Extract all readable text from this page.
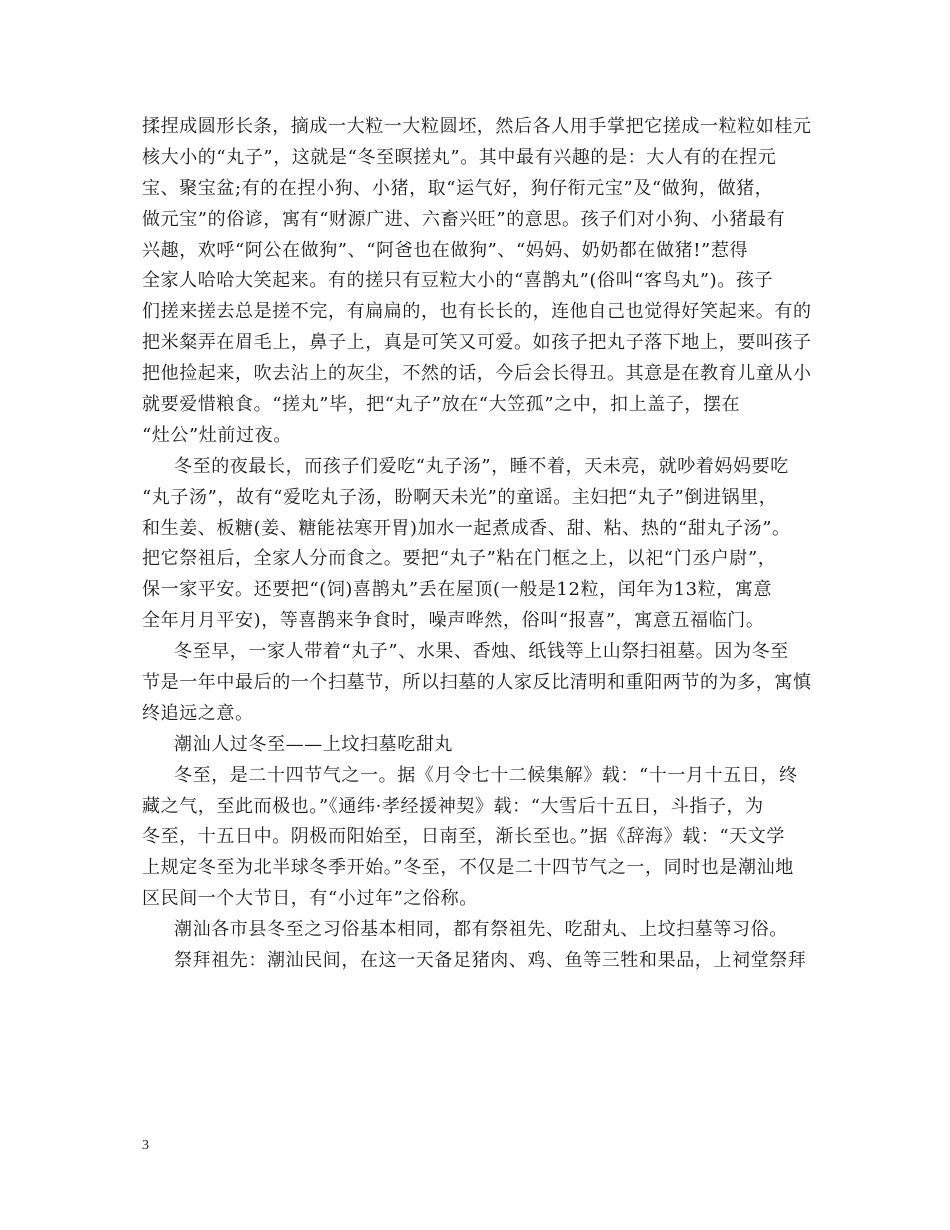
揉捏成圆形长条，摘成一大粒一大粒圆坯，然后各人用手掌把它搓成一粒粒如桂元
核大小的“丸子”，这就是“冬至暝搓丸”。其中最有兴趣的是：大人有的在捏元
宝、聚宝盆;有的在捏小狗、小猪，取“运气好，狗仔衔元宝”及“做狗，做猪，
做元宝”的俗谚，寓有“财源广进、六畜兴旺”的意思。孩子们对小狗、小猪最有
兴趣，欢呼“阿公在做狗”、“阿爸也在做狗”、“妈妈、奶奶都在做猪!”惹得
全家人哈哈大笑起来。有的搓只有豆粒大小的“喜鹊丸”(俗叫“客鸟丸”)。孩子
们搓来搓去总是搓不完，有扁扁的，也有长长的，连他自己也觉得好笑起来。有的
把米粲弄在眉毛上，鼻子上，真是可笑又可爱。如孩子把丸子落下地上，要叫孩子
把他捡起来，吹去沾上的灰尘，不然的话，今后会长得丑。其意是在教育儿童从小
就要爱惜粮食。“搓丸”毕，把“丸子”放在“大笠孤”之中，扣上盖子，摆在
“灶公”灶前过夜。
冬至的夜最长，而孩子们爱吃“丸子汤”，睡不着，天未亮，就吵着妈妈要吃
“丸子汤”，故有“爱吃丸子汤，盼啊天未光”的童谣。主妇把“丸子”倒进锅里，
和生姜、板糖(姜、糖能祛寒开胃)加水一起煮成香、甜、粘、热的“甜丸子汤”。
把它祭祖后，全家人分而食之。要把“丸子”粘在门框之上，以祀“门丞户尉”，
保一家平安。还要把“(饲)喜鹊丸”丢在屋顶(一般是12粒，闰年为13粒，寓意
全年月月平安)，等喜鹊来争食时，噪声哗然，俗叫“报喜”，寓意五福临门。
冬至早，一家人带着“丸子”、水果、香烛、纸钱等上山祭扫祖墓。因为冬至
节是一年中最后的一个扫墓节，所以扫墓的人家反比清明和重阳两节的为多，寓慎
终追远之意。
潮汕人过冬至——上坟扫墓吃甜丸
冬至，是二十四节气之一。据《月令七十二候集解》载：“十一月十五日，终
藏之气，至此而极也。”《通纬·孝经援神契》载：“大雪后十五日，斗指子，为
冬至，十五日中。阴极而阳始至，日南至，渐长至也。”据《辞海》载：“天文学
上规定冬至为北半球冬季开始。”冬至，不仅是二十四节气之一，同时也是潮汕地
区民间一个大节日，有“小过年”之俗称。
潮汕各市县冬至之习俗基本相同，都有祭祖先、吃甜丸、上坟扫墓等习俗。
祭拜祖先：潮汕民间，在这一天备足猪肉、鸡、鱼等三牲和果品，上祠堂祭拜
3
